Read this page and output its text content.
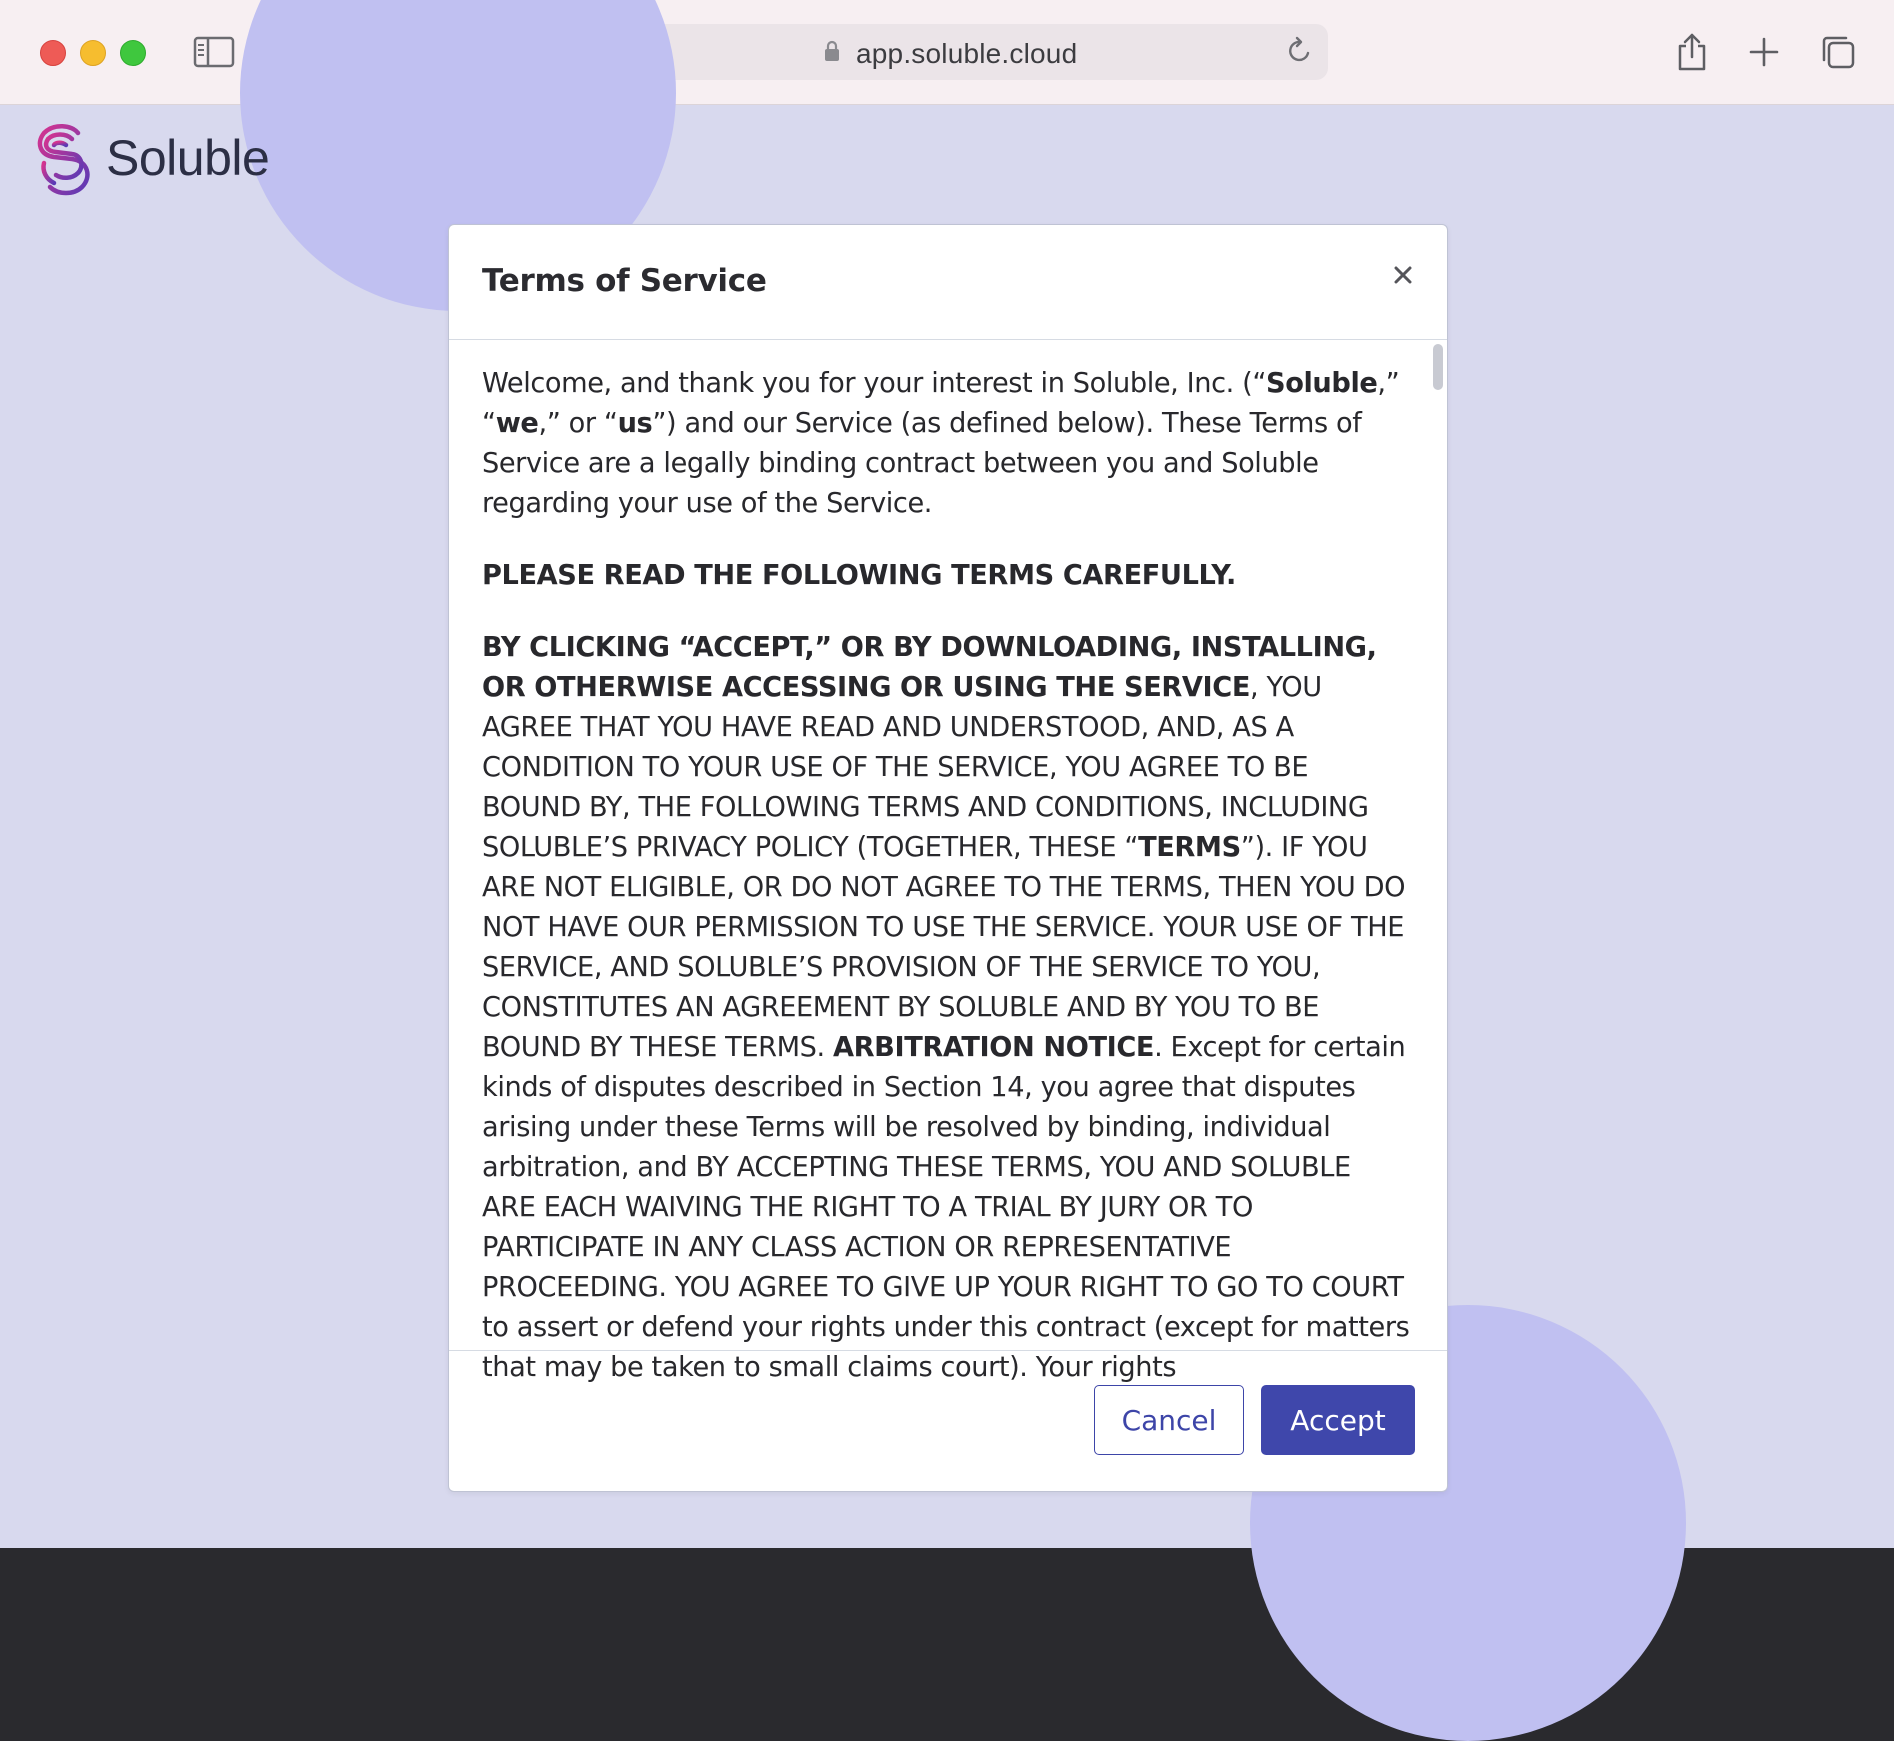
app.soluble.cloud
Soluble
Terms of Service

Welcome, and thank you for your interest in Soluble, Inc. (“Soluble,” “we,” or “us”) and our Service (as defined below). These Terms of Service are a legally binding contract between you and Soluble regarding your use of the Service.

PLEASE READ THE FOLLOWING TERMS CAREFULLY.

BY CLICKING “ACCEPT,” OR BY DOWNLOADING, INSTALLING, OR OTHERWISE ACCESSING OR USING THE SERVICE, YOU AGREE THAT YOU HAVE READ AND UNDERSTOOD, AND, AS A CONDITION TO YOUR USE OF THE SERVICE, YOU AGREE TO BE BOUND BY, THE FOLLOWING TERMS AND CONDITIONS, INCLUDING SOLUBLE’S PRIVACY POLICY (TOGETHER, THESE “TERMS”). IF YOU ARE NOT ELIGIBLE, OR DO NOT AGREE TO THE TERMS, THEN YOU DO NOT HAVE OUR PERMISSION TO USE THE SERVICE. YOUR USE OF THE SERVICE, AND SOLUBLE’S PROVISION OF THE SERVICE TO YOU, CONSTITUTES AN AGREEMENT BY SOLUBLE AND BY YOU TO BE BOUND BY THESE TERMS. ARBITRATION NOTICE. Except for certain kinds of disputes described in Section 14, you agree that disputes arising under these Terms will be resolved by binding, individual arbitration, and BY ACCEPTING THESE TERMS, YOU AND SOLUBLE ARE EACH WAIVING THE RIGHT TO A TRIAL BY JURY OR TO PARTICIPATE IN ANY CLASS ACTION OR REPRESENTATIVE PROCEEDING. YOU AGREE TO GIVE UP YOUR RIGHT TO GO TO COURT to assert or defend your rights under this contract (except for matters that may be taken to small claims court). Your rights

Cancel	Accept
